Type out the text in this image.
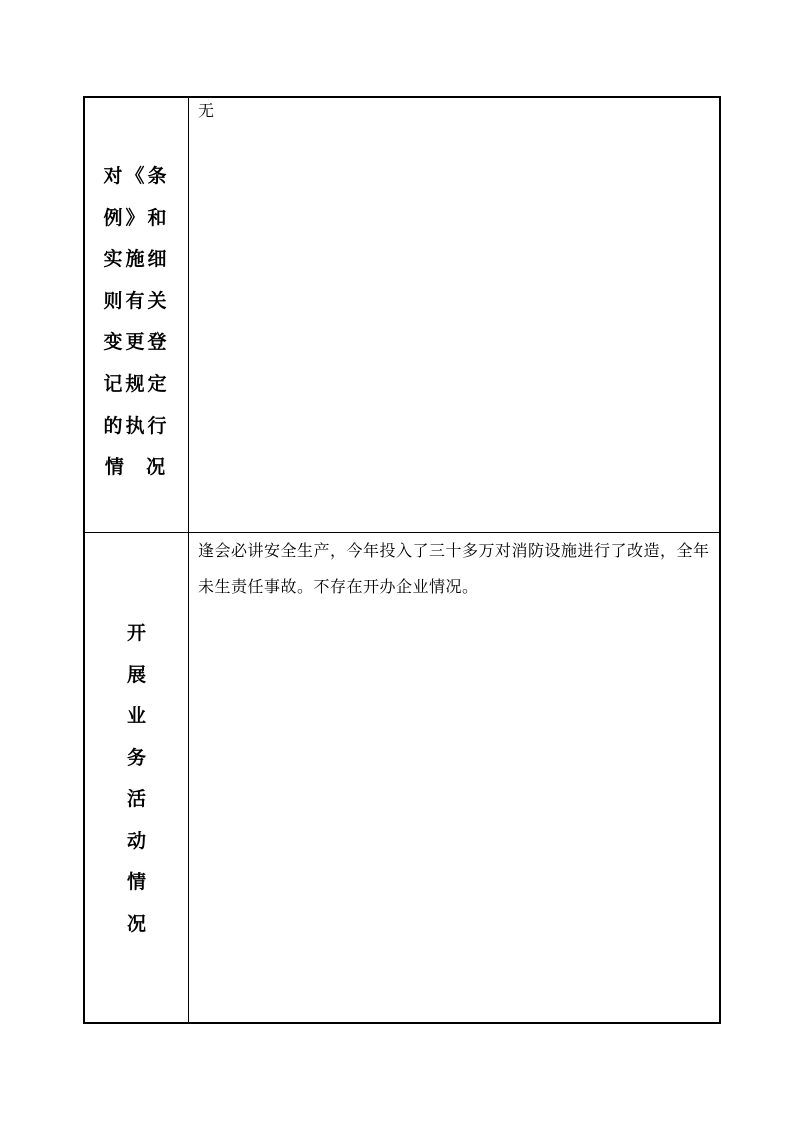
对《条
例》和
实施细
则有关
变更登
记规定
的执行
情  况
无
开
展
业
务
活
动
情
况
逢会必讲安全生产，今年投入了三十多万对消防设施进行了改造，全年未生责任事故。不存在开办企业情况。
